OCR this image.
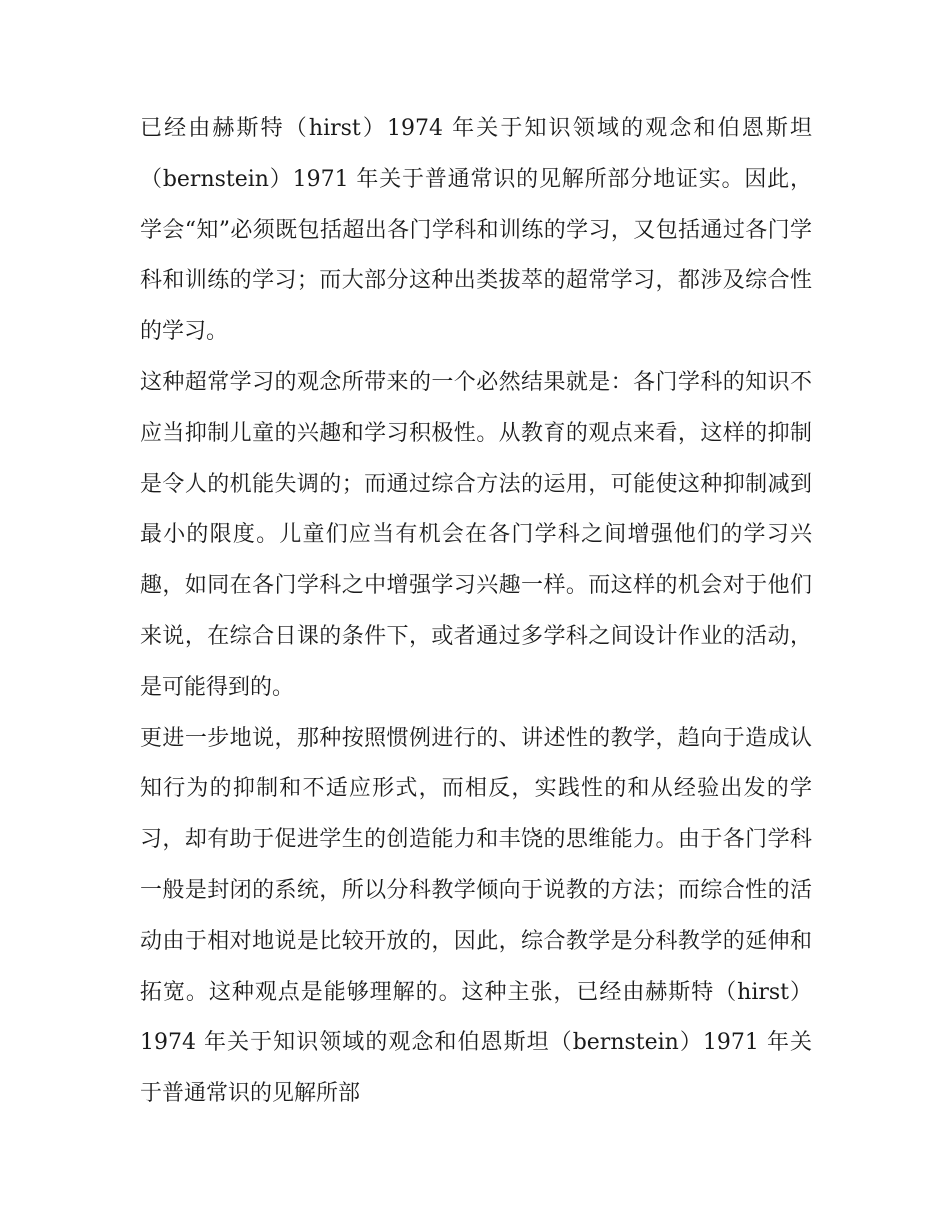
已经由赫斯特（hirst）1974 年关于知识领域的观念和伯恩斯坦（bernstein）1971 年关于普通常识的见解所部分地证实。因此，学会“知”必须既包括超出各门学科和训练的学习，又包括通过各门学科和训练的学习；而大部分这种出类拔萃的超常学习，都涉及综合性的学习。

这种超常学习的观念所带来的一个必然结果就是：各门学科的知识不应当抑制儿童的兴趣和学习积极性。从教育的观点来看，这样的抑制是令人的机能失调的；而通过综合方法的运用，可能使这种抑制减到最小的限度。儿童们应当有机会在各门学科之间增强他们的学习兴趣，如同在各门学科之中增强学习兴趣一样。而这样的机会对于他们来说，在综合日课的条件下，或者通过多学科之间设计作业的活动，是可能得到的。

更进一步地说，那种按照惯例进行的、讲述性的教学，趋向于造成认知行为的抑制和不适应形式，而相反，实践性的和从经验出发的学习，却有助于促进学生的创造能力和丰饶的思维能力。由于各门学科一般是封闭的系统，所以分科教学倾向于说教的方法；而综合性的活动由于相对地说是比较开放的，因此，综合教学是分科教学的延伸和拓宽。这种观点是能够理解的。这种主张，已经由赫斯特（hirst）1974 年关于知识领域的观念和伯恩斯坦（bernstein）1971 年关于普通常识的见解所部
